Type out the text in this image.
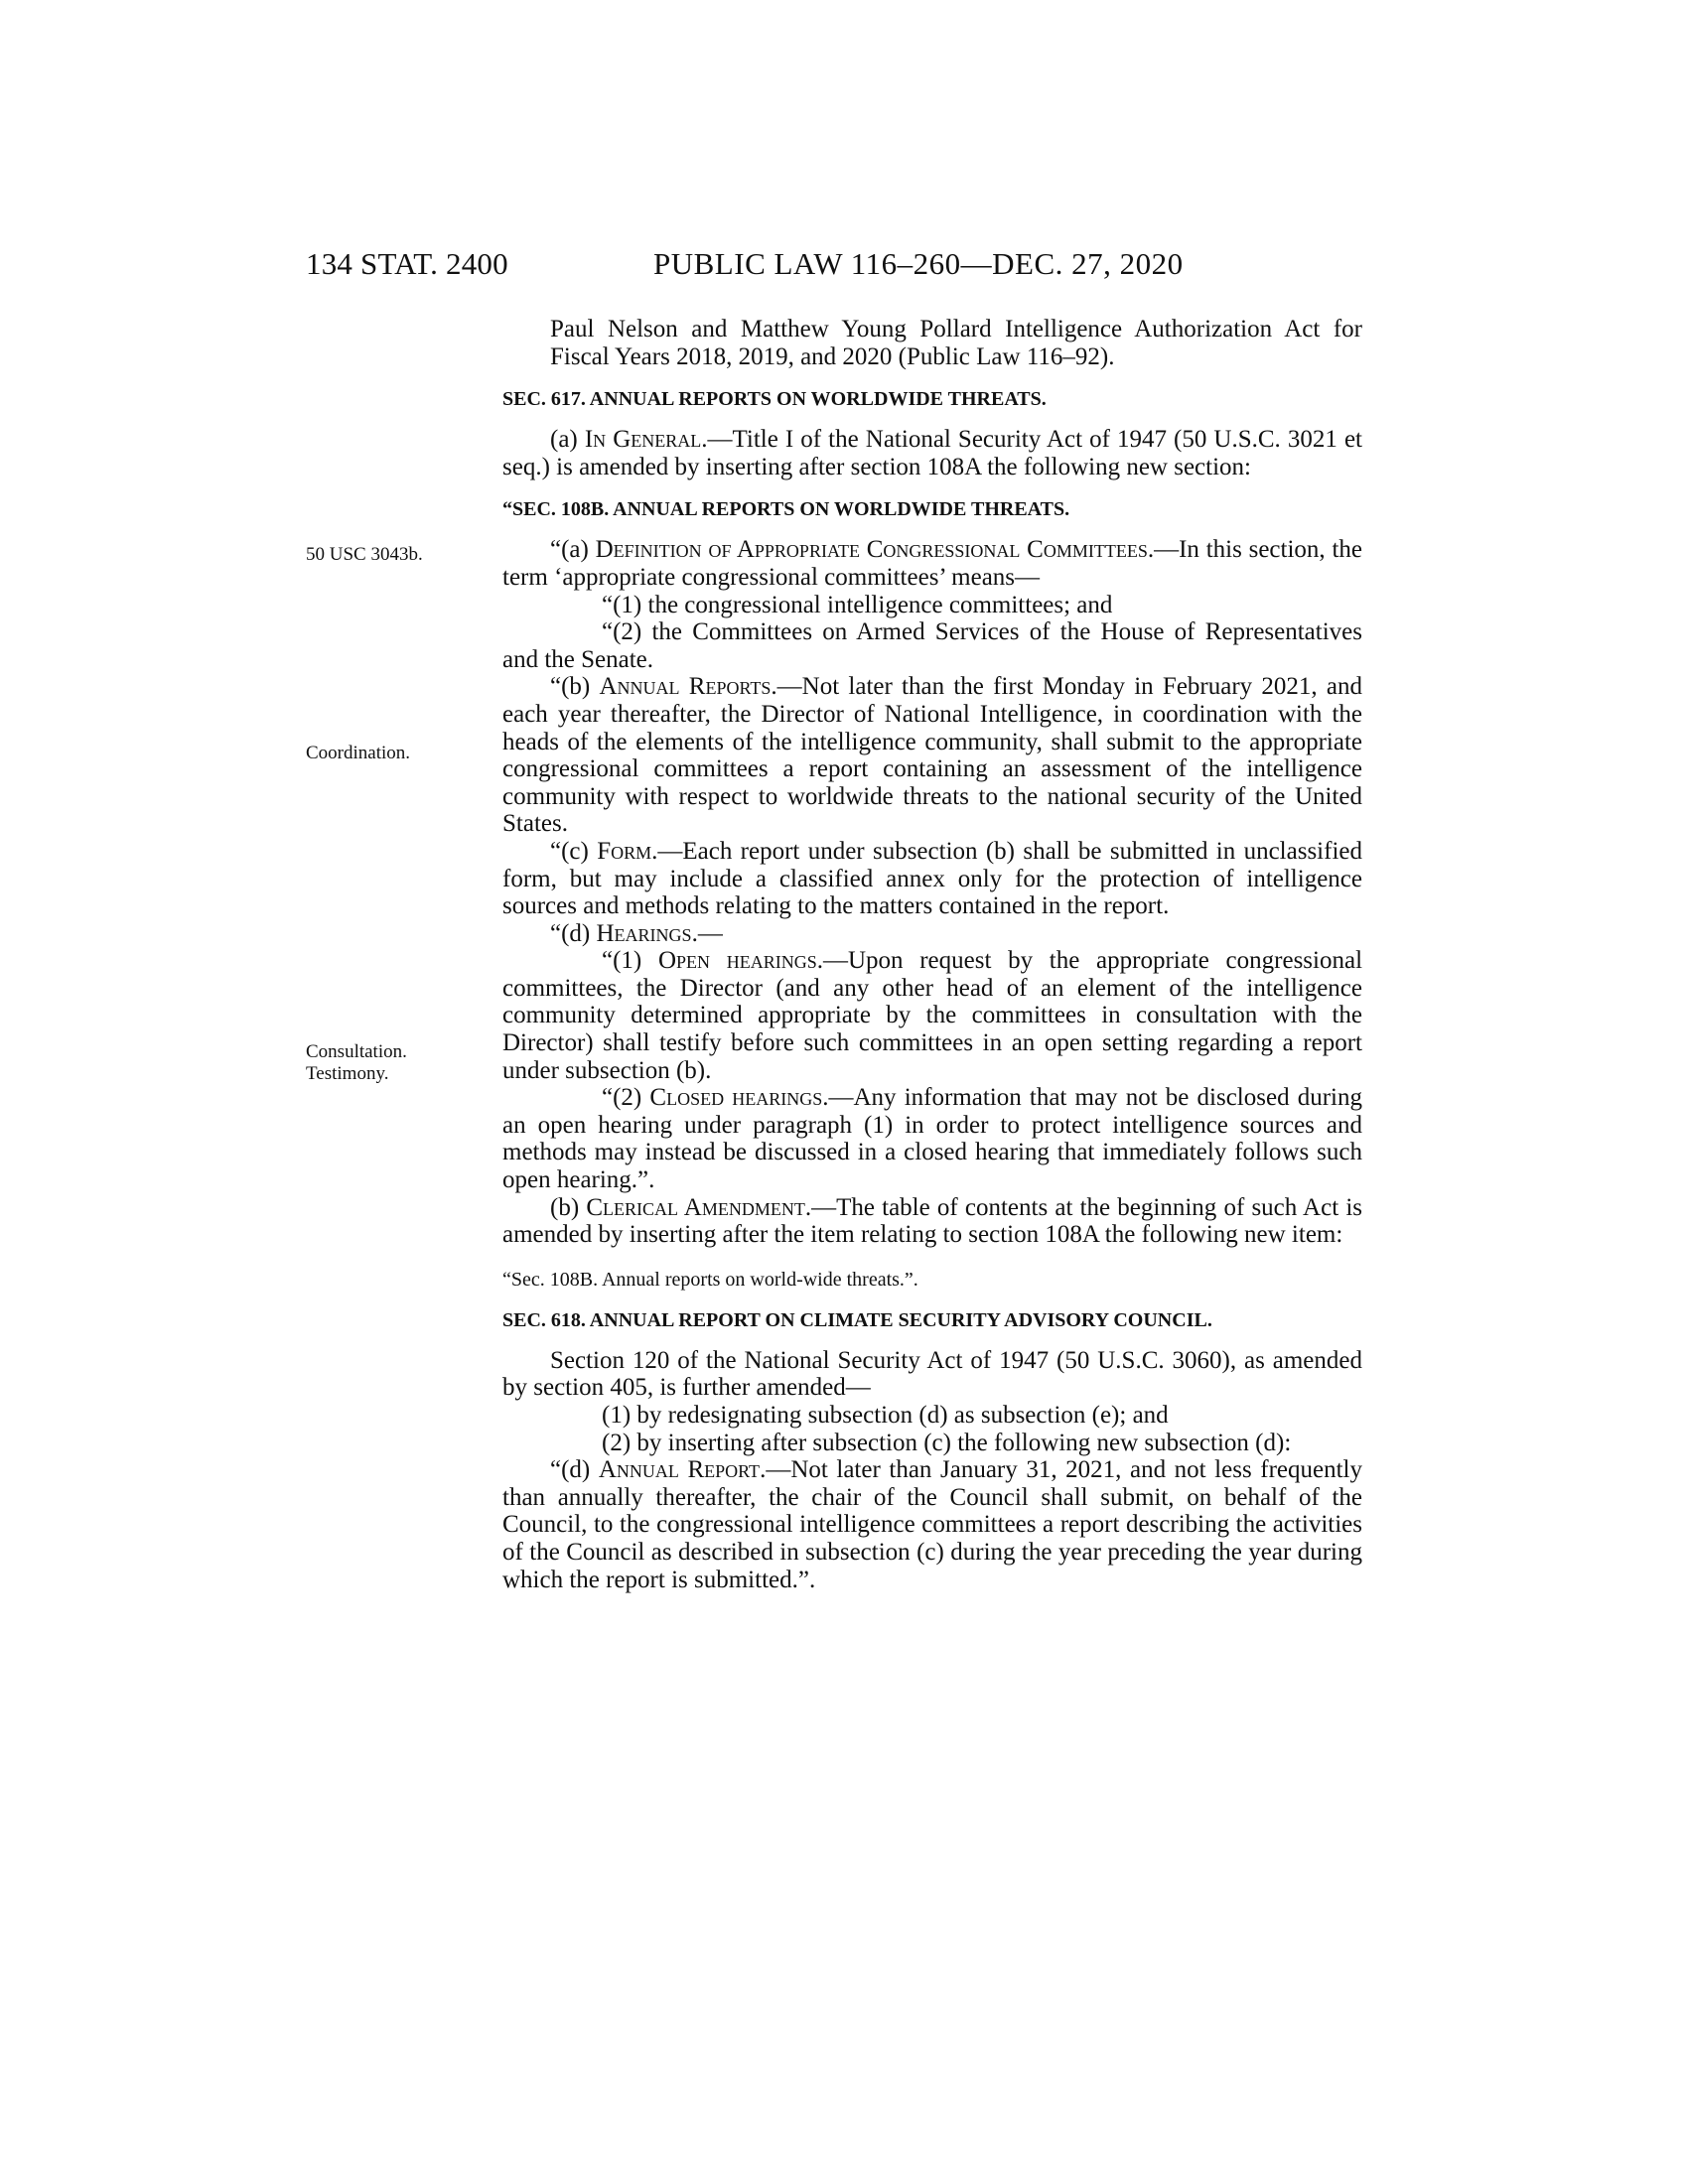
134 STAT. 2400	PUBLIC LAW 116–260—DEC. 27, 2020
50 USC 3043b.
Coordination.
Consultation.
Testimony.

Paul Nelson and Matthew Young Pollard Intelligence Authorization Act for Fiscal Years 2018, 2019, and 2020 (Public Law 116–92).

SEC. 617. ANNUAL REPORTS ON WORLDWIDE THREATS.

(a) In General.—Title I of the National Security Act of 1947 (50 U.S.C. 3021 et seq.) is amended by inserting after section 108A the following new section:

“SEC. 108B. ANNUAL REPORTS ON WORLDWIDE THREATS.

“(a) Definition of Appropriate Congressional Committees.—In this section, the term ‘appropriate congressional committees’ means—

“(1) the congressional intelligence committees; and

“(2) the Committees on Armed Services of the House of Representatives and the Senate.

“(b) Annual Reports.—Not later than the first Monday in February 2021, and each year thereafter, the Director of National Intelligence, in coordination with the heads of the elements of the intelligence community, shall submit to the appropriate congressional committees a report containing an assessment of the intelligence community with respect to worldwide threats to the national security of the United States.

“(c) Form.—Each report under subsection (b) shall be submitted in unclassified form, but may include a classified annex only for the protection of intelligence sources and methods relating to the matters contained in the report.

“(d) Hearings.—

“(1) Open hearings.—Upon request by the appropriate congressional committees, the Director (and any other head of an element of the intelligence community determined appropriate by the committees in consultation with the Director) shall testify before such committees in an open setting regarding a report under subsection (b).

“(2) Closed hearings.—Any information that may not be disclosed during an open hearing under paragraph (1) in order to protect intelligence sources and methods may instead be discussed in a closed hearing that immediately follows such open hearing.”.

(b) Clerical Amendment.—The table of contents at the beginning of such Act is amended by inserting after the item relating to section 108A the following new item:

“Sec. 108B. Annual reports on world-wide threats.”.
SEC. 618. ANNUAL REPORT ON CLIMATE SECURITY ADVISORY COUNCIL.

Section 120 of the National Security Act of 1947 (50 U.S.C. 3060), as amended by section 405, is further amended—

(1) by redesignating subsection (d) as subsection (e); and

(2) by inserting after subsection (c) the following new subsection (d):

“(d) Annual Report.—Not later than January 31, 2021, and not less frequently than annually thereafter, the chair of the Council shall submit, on behalf of the Council, to the congressional intelligence committees a report describing the activities of the Council as described in subsection (c) during the year preceding the year during which the report is submitted.”.
